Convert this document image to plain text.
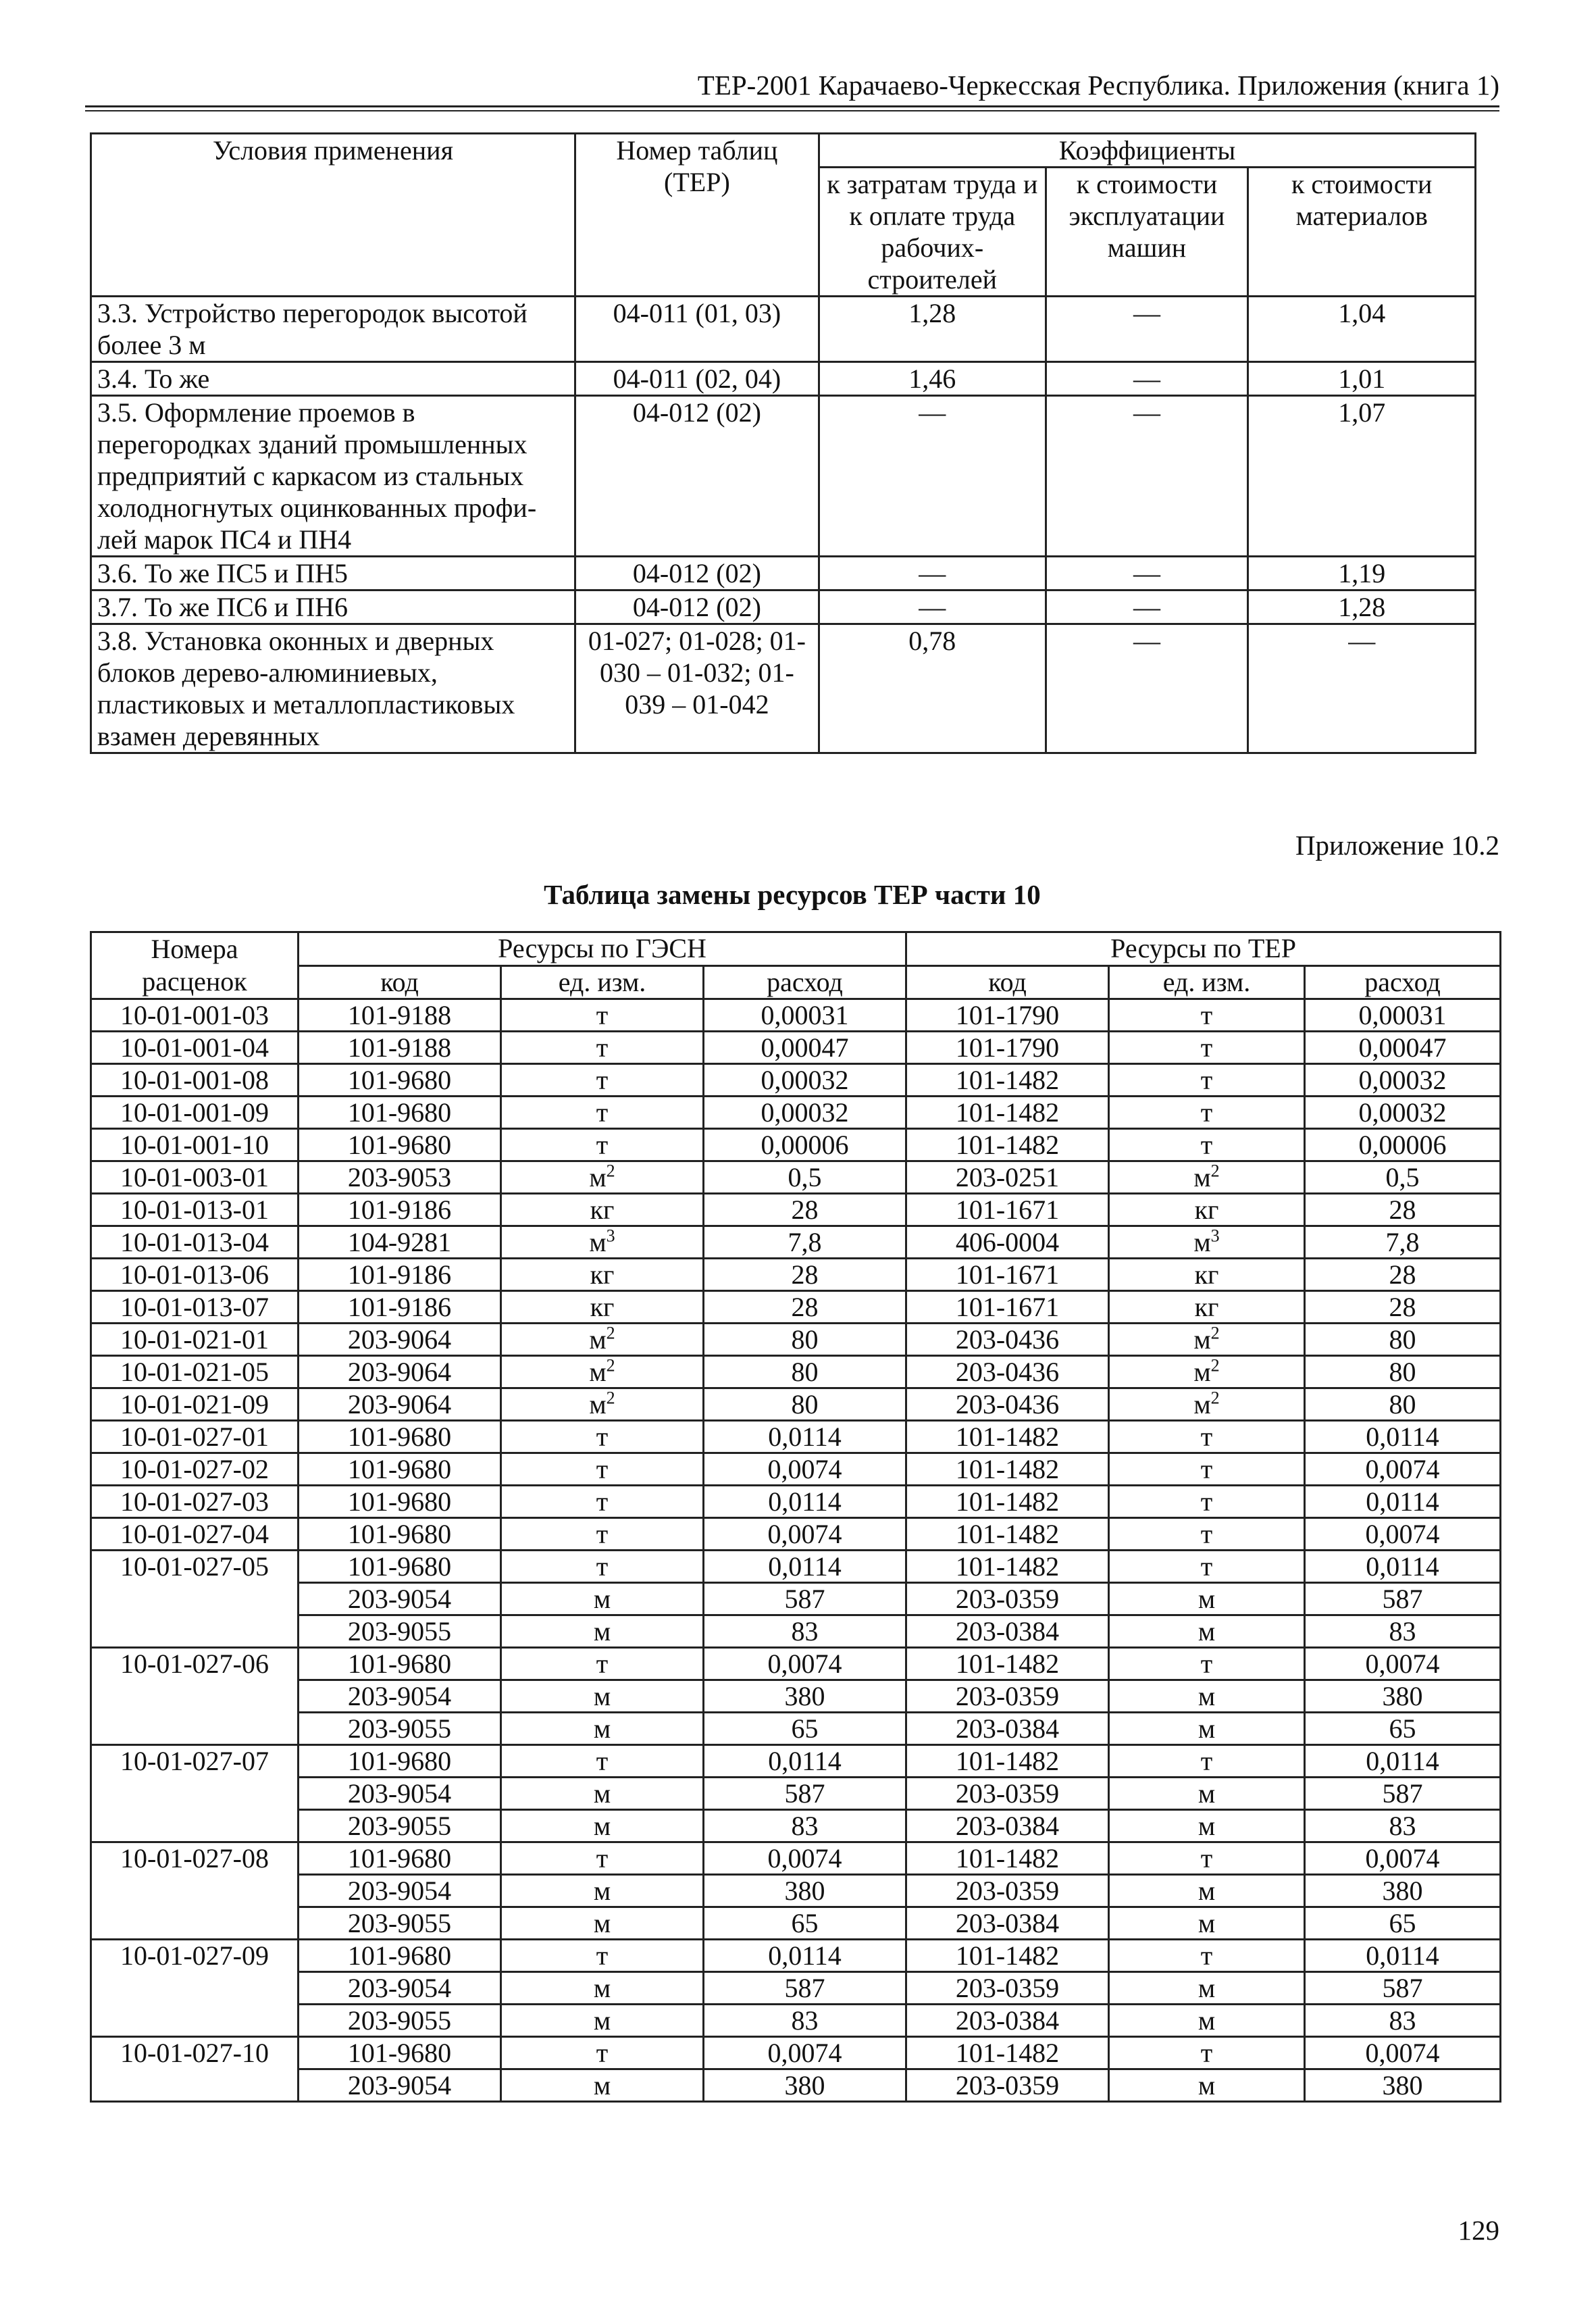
ТЕР-2001 Карачаево-Черкесская Республика. Приложения (книга 1)
Условия применения	Номер таблиц (ТЕР)	Коэффициенты		
		к затратам труда и к оплате труда рабочих-строителей	к стоимости эксплуатации машин	к стоимости материалов
3.3. Устройство перегородок высотой более 3 м	04-011 (01, 03)	1,28	—	1,04
3.4. То же	04-011 (02, 04)	1,46	—	1,01
3.5. Оформление проемов в перегородках зданий промышленных предприятий с каркасом из стальных холодногнутых оцинкованных профи-лей марок ПС4 и ПН4	04-012 (02)	—	—	1,07
3.6. То же ПС5 и ПН5	04-012 (02)	—	—	1,19
3.7. То же ПС6 и ПН6	04-012 (02)	—	—	1,28
3.8. Установка оконных и дверных блоков дерево-алюминиевых, пластиковых и металлопластиковых взамен деревянных	01-027; 01-028; 01-030 – 01-032; 01-039 – 01-042	0,78	—	—
Приложение 10.2
Таблица замены ресурсов ТЕР части 10
Номера расценок	Ресурсы по ГЭСН			Ресурсы по ТЕР		
	код	ед. изм.	расход	код	ед. изм.	расход
10-01-001-03	101-9188	т	0,00031	101-1790	т	0,00031
10-01-001-04	101-9188	т	0,00047	101-1790	т	0,00047
10-01-001-08	101-9680	т	0,00032	101-1482	т	0,00032
10-01-001-09	101-9680	т	0,00032	101-1482	т	0,00032
10-01-001-10	101-9680	т	0,00006	101-1482	т	0,00006
10-01-003-01	203-9053	$м^2$	0,5	203-0251	$м^2$	0,5
10-01-013-01	101-9186	кг	28	101-1671	кг	28
10-01-013-04	104-9281	$м^3$	7,8	406-0004	$м^3$	7,8
10-01-013-06	101-9186	кг	28	101-1671	кг	28
10-01-013-07	101-9186	кг	28	101-1671	кг	28
10-01-021-01	203-9064	$м^2$	80	203-0436	$м^2$	80
10-01-021-05	203-9064	$м^2$	80	203-0436	$м^2$	80
10-01-021-09	203-9064	$м^2$	80	203-0436	$м^2$	80
10-01-027-01	101-9680	т	0,0114	101-1482	т	0,0114
10-01-027-02	101-9680	т	0,0074	101-1482	т	0,0074
10-01-027-03	101-9680	т	0,0114	101-1482	т	0,0114
10-01-027-04	101-9680	т	0,0074	101-1482	т	0,0074
10-01-027-05	101-9680	т	0,0114	101-1482	т	0,0114
	203-9054	м	587	203-0359	м	587
	203-9055	м	83	203-0384	м	83
10-01-027-06	101-9680	т	0,0074	101-1482	т	0,0074
	203-9054	м	380	203-0359	м	380
	203-9055	м	65	203-0384	м	65
10-01-027-07	101-9680	т	0,0114	101-1482	т	0,0114
	203-9054	м	587	203-0359	м	587
	203-9055	м	83	203-0384	м	83
10-01-027-08	101-9680	т	0,0074	101-1482	т	0,0074
	203-9054	м	380	203-0359	м	380
	203-9055	м	65	203-0384	м	65
10-01-027-09	101-9680	т	0,0114	101-1482	т	0,0114
	203-9054	м	587	203-0359	м	587
	203-9055	м	83	203-0384	м	83
10-01-027-10	101-9680	т	0,0074	101-1482	т	0,0074
	203-9054	м	380	203-0359	м	380
129
